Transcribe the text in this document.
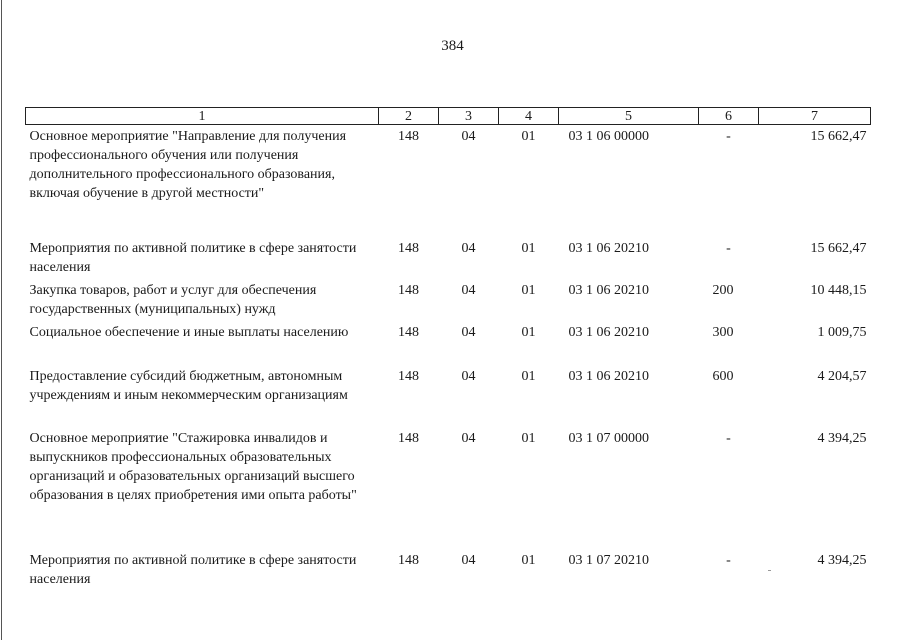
384
1	2	3	4	5	6	7
Основное мероприятие "Направление для получения профессионального обучения или получения дополнительного профессионального образования, включая обучение в другой местности"	148	04	01	03 1 06 00000	-	15 662,47
Мероприятия по активной политике в сфере занятости населения	148	04	01	03 1 06 20210	-	15 662,47
Закупка товаров, работ и услуг для обеспечения государственных (муниципальных) нужд	148	04	01	03 1 06 20210	200	10 448,15
Социальное обеспечение и иные выплаты населению	148	04	01	03 1 06 20210	300	1 009,75
Предоставление субсидий бюджетным, автономным учреждениям и иным некоммерческим организациям	148	04	01	03 1 06 20210	600	4 204,57
Основное мероприятие "Стажировка инвалидов и выпускников профессиональных образовательных организаций и образовательных организаций высшего образования в целях приобретения ими опыта работы"	148	04	01	03 1 07 00000	-	4 394,25
Мероприятия по активной политике в сфере занятости населения	148	04	01	03 1 07 20210	-	4 394,25
